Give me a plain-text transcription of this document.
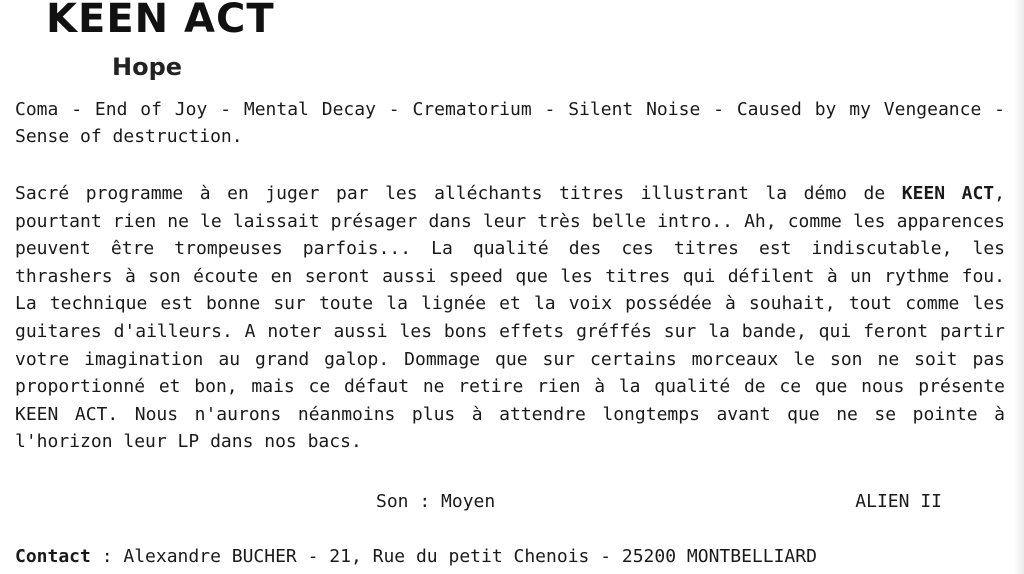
KEEN ACT
Hope

Coma - End of Joy - Mental Decay - Crematorium - Silent Noise - Caused by my Vengeance - Sense of destruction.

Sacré programme à en juger par les alléchants titres illustrant la démo de KEEN ACT, pourtant rien ne le laissait présager dans leur très belle intro.. Ah, comme les apparences peuvent être trompeuses parfois... La qualité des ces titres est indiscutable, les thrashers à son écoute en seront aussi speed que les titres qui défilent à un rythme fou. La technique est bonne sur toute la lignée et la voix possédée à souhait, tout comme les guitares d'ailleurs. A noter aussi les bons effets gréffés sur la bande, qui feront partir votre imagination au grand galop. Dommage que sur certains morceaux le son ne soit pas proportionné et bon, mais ce défaut ne retire rien à la qualité de ce que nous présente KEEN ACT. Nous n'aurons néanmoins plus à attendre longtemps avant que ne se pointe à l'horizon leur LP dans nos bacs.

Son : Moyen	ALIEN II

Contact : Alexandre BUCHER - 21, Rue du petit Chenois - 25200 MONTBELLIARD
